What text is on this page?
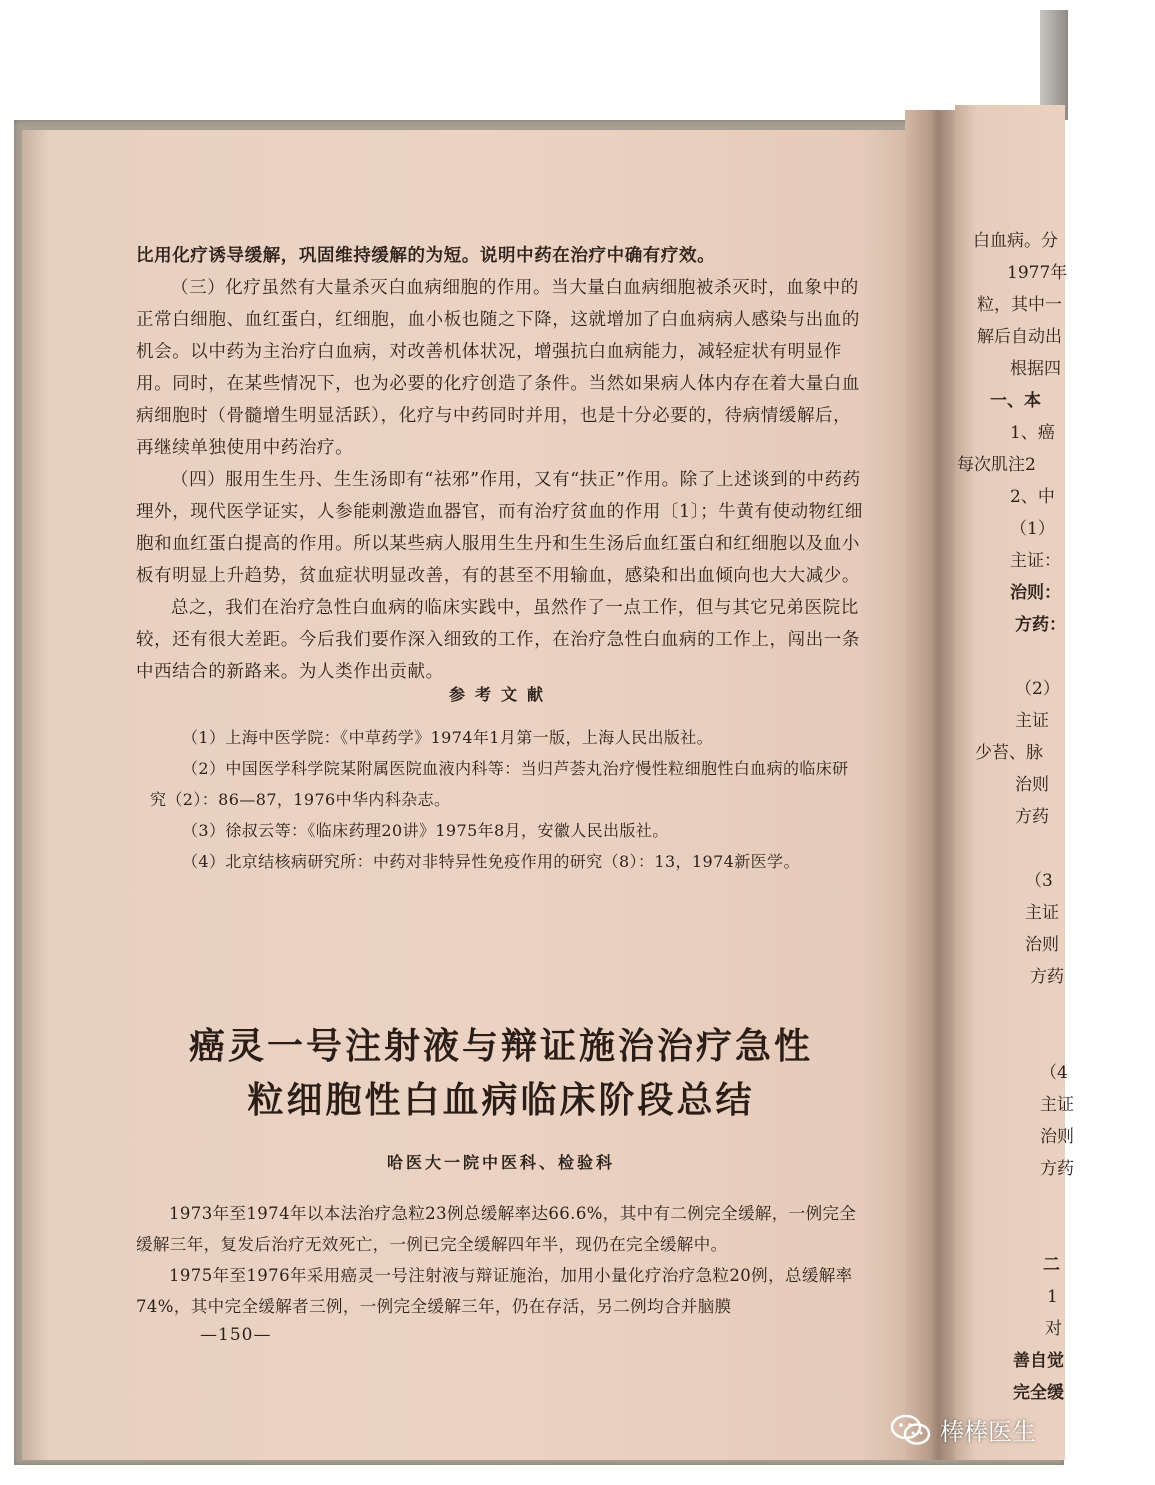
白血病。分
1977年
粒，其中一
解后自动出
根据四
一、本
1、癌
每次肌注2
2、中
（1）
主证：
治则：
方药：
（2）
主证
少苔、脉
治则
方药
（3
主证
治则
方药
（4
主证
治则
方药
二
1
对
善自觉
完全缓

比用化疗诱导缓解，巩固维持缓解的为短。说明中药在治疗中确有疗效。

（三）化疗虽然有大量杀灭白血病细胞的作用。当大量白血病细胞被杀灭时，血象中的正常白细胞、血红蛋白，红细胞，血小板也随之下降，这就增加了白血病病人感染与出血的机会。以中药为主治疗白血病，对改善机体状况，增强抗白血病能力，减轻症状有明显作用。同时，在某些情况下，也为必要的化疗创造了条件。当然如果病人体内存在着大量白血病细胞时（骨髓增生明显活跃），化疗与中药同时并用，也是十分必要的，待病情缓解后，再继续单独使用中药治疗。

（四）服用生生丹、生生汤即有“祛邪”作用，又有“扶正”作用。除了上述谈到的中药药理外，现代医学证实，人参能刺激造血器官，而有治疗贫血的作用〔1〕；牛黄有使动物红细胞和血红蛋白提高的作用。所以某些病人服用生生丹和生生汤后血红蛋白和红细胞以及血小板有明显上升趋势，贫血症状明显改善，有的甚至不用输血，感染和出血倾向也大大减少。

总之，我们在治疗急性白血病的临床实践中，虽然作了一点工作，但与其它兄弟医院比较，还有很大差距。今后我们要作深入细致的工作，在治疗急性白血病的工作上，闯出一条中西结合的新路来。为人类作出贡献。

参考文献

（1）上海中医学院：《中草药学》1974年1月第一版，上海人民出版社。

（2）中国医学科学院某附属医院血液内科等：当归芦荟丸治疗慢性粒细胞性白血病的临床研究（2）：86—87，1976中华内科杂志。

（3）徐叔云等：《临床药理20讲》1975年8月，安徽人民出版社。

（4）北京结核病研究所：中药对非特异性免疫作用的研究（8）：13，1974新医学。

癌灵一号注射液与辩证施治治疗急性
粒细胞性白血病临床阶段总结
哈医大一院中医科、检验科

1973年至1974年以本法治疗急粒23例总缓解率达66.6%，其中有二例完全缓解，一例完全缓解三年，复发后治疗无效死亡，一例已完全缓解四年半，现仍在完全缓解中。

1975年至1976年采用癌灵一号注射液与辩证施治，加用小量化疗治疗急粒20例，总缓解率74%，其中完全缓解者三例，一例完全缓解三年，仍在存活，另二例均合并脑膜

—150—
棒棒医生
